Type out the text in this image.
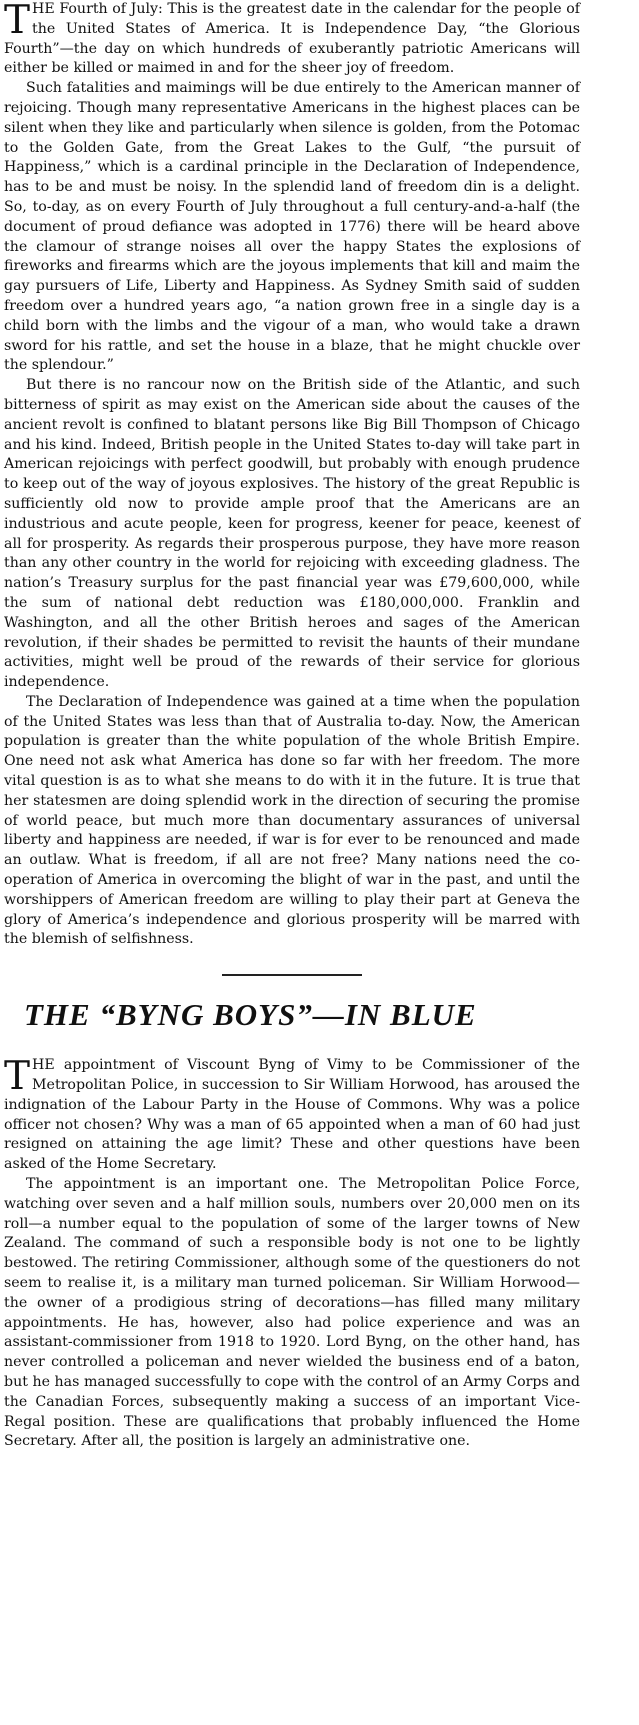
THE Fourth of July: This is the greatest date in the calendar for the people of the United States of America. It is Independence Day, “the Glorious Fourth”—the day on which hundreds of exuberantly patriotic Americans will either be killed or maimed in and for the sheer joy of freedom.

Such fatalities and maimings will be due entirely to the American manner of rejoicing. Though many representative Americans in the highest places can be silent when they like and particularly when silence is golden, from the Potomac to the Golden Gate, from the Great Lakes to the Gulf, “the pursuit of Happiness,” which is a cardinal principle in the Declaration of Independence, has to be and must be noisy. In the splendid land of freedom din is a delight. So, to-day, as on every Fourth of July throughout a full century-and-a-half (the document of proud defiance was adopted in 1776) there will be heard above the clamour of strange noises all over the happy States the explosions of fireworks and firearms which are the joyous implements that kill and maim the gay pursuers of Life, Liberty and Happiness. As Sydney Smith said of sudden freedom over a hundred years ago, “a nation grown free in a single day is a child born with the limbs and the vigour of a man, who would take a drawn sword for his rattle, and set the house in a blaze, that he might chuckle over the splendour.”

But there is no rancour now on the British side of the Atlantic, and such bitterness of spirit as may exist on the American side about the causes of the ancient revolt is confined to blatant persons like Big Bill Thompson of Chicago and his kind. Indeed, British people in the United States to-day will take part in American rejoicings with perfect goodwill, but probably with enough prudence to keep out of the way of joyous explosives. The history of the great Republic is sufficiently old now to provide ample proof that the Americans are an industrious and acute people, keen for progress, keener for peace, keenest of all for prosperity. As regards their prosperous purpose, they have more reason than any other country in the world for rejoicing with exceeding gladness. The nation’s Treasury surplus for the past financial year was £79,600,000, while the sum of national debt reduction was £180,000,000. Franklin and Washington, and all the other British heroes and sages of the American revolution, if their shades be permitted to revisit the haunts of their mundane activities, might well be proud of the rewards of their service for glorious independence.

The Declaration of Independence was gained at a time when the population of the United States was less than that of Australia to-day. Now, the American population is greater than the white population of the whole British Empire. One need not ask what America has done so far with her freedom. The more vital question is as to what she means to do with it in the future. It is true that her statesmen are doing splendid work in the direction of securing the promise of world peace, but much more than documentary assurances of universal liberty and happiness are needed, if war is for ever to be renounced and made an outlaw. What is freedom, if all are not free? Many nations need the co-operation of America in overcoming the blight of war in the past, and until the worshippers of American freedom are willing to play their part at Geneva the glory of America’s independence and glorious prosperity will be marred with the blemish of selfishness.

THE “BYNG BOYS”—IN BLUE

THE appointment of Viscount Byng of Vimy to be Commissioner of the Metropolitan Police, in succession to Sir William Horwood, has aroused the indignation of the Labour Party in the House of Commons. Why was a police officer not chosen? Why was a man of 65 appointed when a man of 60 had just resigned on attaining the age limit? These and other questions have been asked of the Home Secretary.

The appointment is an important one. The Metropolitan Police Force, watching over seven and a half million souls, numbers over 20,000 men on its roll—a number equal to the population of some of the larger towns of New Zealand. The command of such a responsible body is not one to be lightly bestowed. The retiring Commissioner, although some of the questioners do not seem to realise it, is a military man turned policeman. Sir William Horwood—the owner of a prodigious string of decorations—has filled many military appointments. He has, however, also had police experience and was an assistant-commissioner from 1918 to 1920. Lord Byng, on the other hand, has never controlled a policeman and never wielded the business end of a baton, but he has managed successfully to cope with the control of an Army Corps and the Canadian Forces, subsequently making a success of an important Vice-Regal position. These are qualifications that probably influenced the Home Secretary. After all, the position is largely an administrative one.
